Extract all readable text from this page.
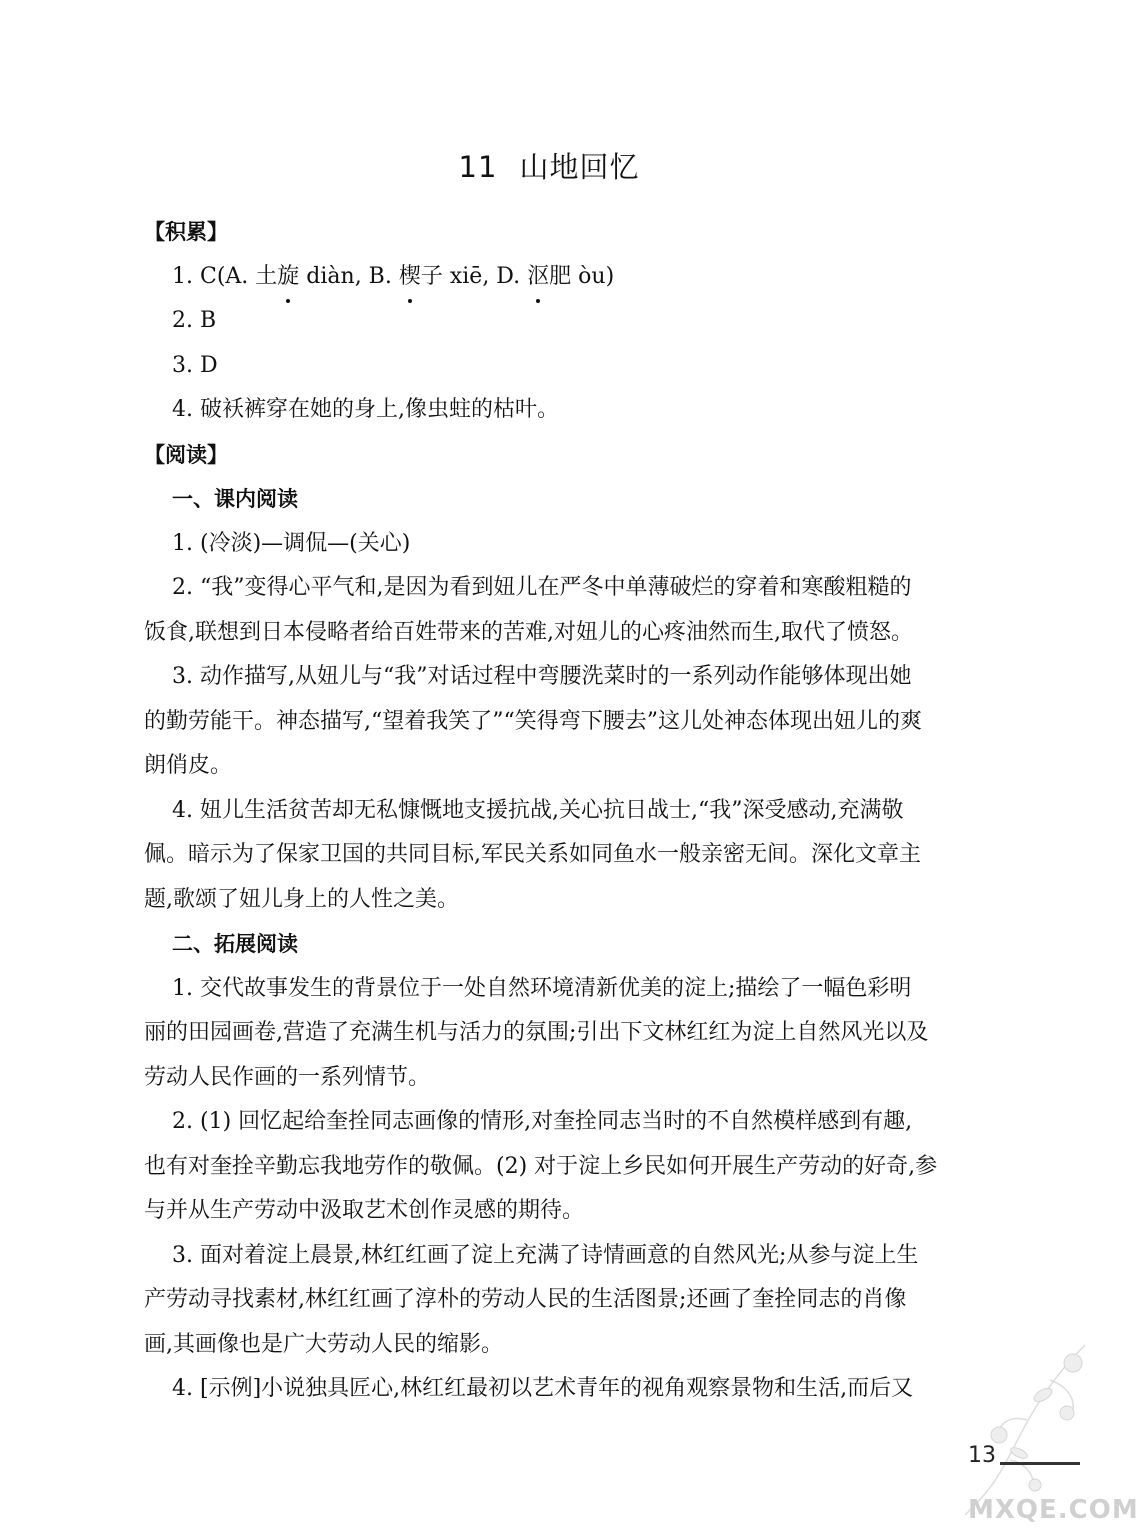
11 山地回忆

【积累】

1. C(A. 土旋 diàn, B. 楔子 xiē, D. 沤肥 òu)

2. B

3. D

4. 破袄裤穿在她的身上,像虫蛀的枯叶。

【阅读】

一、课内阅读

1. (冷淡)—调侃—(关心)

2. “我”变得心平气和,是因为看到妞儿在严冬中单薄破烂的穿着和寒酸粗糙的

饭食,联想到日本侵略者给百姓带来的苦难,对妞儿的心疼油然而生,取代了愤怒。

3. 动作描写,从妞儿与“我”对话过程中弯腰洗菜时的一系列动作能够体现出她

的勤劳能干。神态描写,“望着我笑了”“笑得弯下腰去”这儿处神态体现出妞儿的爽

朗俏皮。

4. 妞儿生活贫苦却无私慷慨地支援抗战,关心抗日战士,“我”深受感动,充满敬

佩。暗示为了保家卫国的共同目标,军民关系如同鱼水一般亲密无间。深化文章主

题,歌颂了妞儿身上的人性之美。

二、拓展阅读

1. 交代故事发生的背景位于一处自然环境清新优美的淀上;描绘了一幅色彩明

丽的田园画卷,营造了充满生机与活力的氛围;引出下文林红红为淀上自然风光以及

劳动人民作画的一系列情节。

2. (1) 回忆起给奎拴同志画像的情形,对奎拴同志当时的不自然模样感到有趣,

也有对奎拴辛勤忘我地劳作的敬佩。(2) 对于淀上乡民如何开展生产劳动的好奇,参

与并从生产劳动中汲取艺术创作灵感的期待。

3. 面对着淀上晨景,林红红画了淀上充满了诗情画意的自然风光;从参与淀上生

产劳动寻找素材,林红红画了淳朴的劳动人民的生活图景;还画了奎拴同志的肖像

画,其画像也是广大劳动人民的缩影。

4. [示例]小说独具匠心,林红红最初以艺术青年的视角观察景物和生活,而后又

13
MXQE.COM
